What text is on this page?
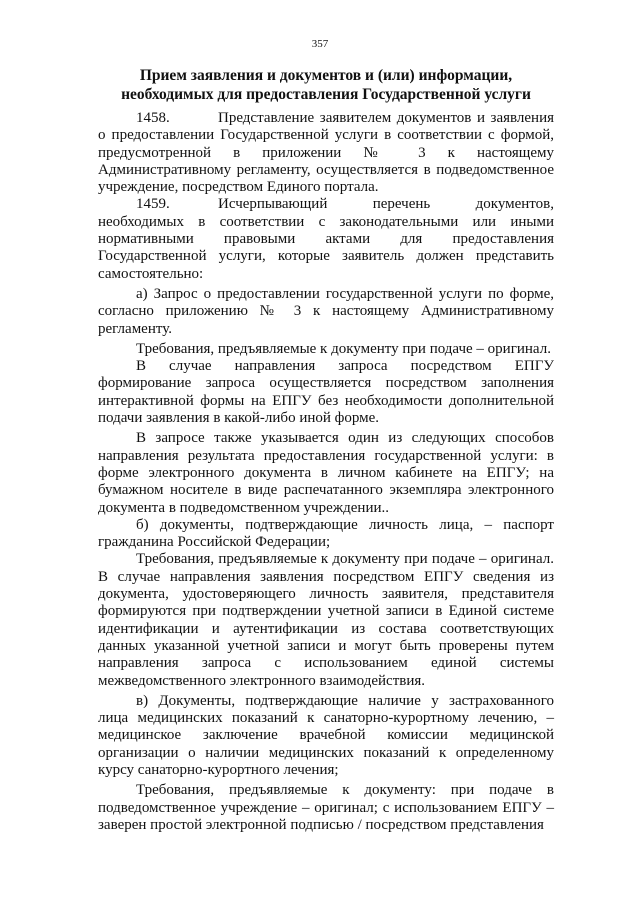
357
Прием заявления и документов и (или) информации,
необходимых для предоставления Государственной услуги

1458.	Представление заявителем документов и заявления о предоставлении Государственной услуги в соответствии с формой, предусмотренной в приложении № 3 к настоящему Административному регламенту, осуществляется в подведомственное учреждение, посредством Единого портала.

1459.	Исчерпывающий перечень документов, необходимых в соответствии с законодательными или иными нормативными правовыми актами для предоставления Государственной услуги, которые заявитель должен представить самостоятельно:

а) Запрос о предоставлении государственной услуги по форме, согласно приложению № 3 к настоящему Административному регламенту.

Требования, предъявляемые к документу при подаче – оригинал.

В случае направления запроса посредством ЕПГУ формирование запроса осуществляется посредством заполнения интерактивной формы на ЕПГУ без необходимости дополнительной подачи заявления в какой-либо иной форме.

В запросе также указывается один из следующих способов направления результата предоставления государственной услуги: в форме электронного документа в личном кабинете на ЕПГУ; на бумажном носителе в виде распечатанного экземпляра электронного документа в подведомственном учреждении..

б) документы, подтверждающие личность лица, – паспорт гражданина Российской Федерации;

Требования, предъявляемые к документу при подаче – оригинал. В случае направления заявления посредством ЕПГУ сведения из документа, удостоверяющего личность заявителя, представителя формируются при подтверждении учетной записи в Единой системе идентификации и аутентификации из состава соответствующих данных указанной учетной записи и могут быть проверены путем направления запроса с использованием единой системы межведомственного электронного взаимодействия.

в) Документы, подтверждающие наличие у застрахованного лица медицинских показаний к санаторно-курортному лечению, – медицинское заключение врачебной комиссии медицинской организации о наличии медицинских показаний к определенному курсу санаторно-курортного лечения;

Требования, предъявляемые к документу: при подаче в подведомственное учреждение – оригинал; с использованием ЕПГУ – заверен простой электронной подписью / посредством представления
